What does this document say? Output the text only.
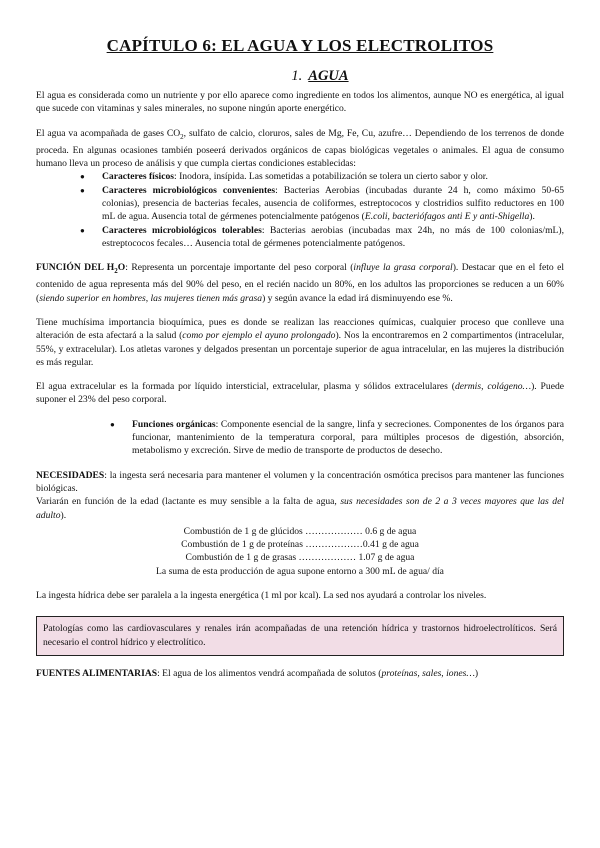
CAPÍTULO 6: EL AGUA Y LOS ELECTROLITOS
1. AGUA

El agua es considerada como un nutriente y por ello aparece como ingrediente en todos los alimentos, aunque NO es energética, al igual que sucede con vitaminas y sales minerales, no supone ningún aporte energético.

El agua va acompañada de gases $CO_2$, sulfato de calcio, cloruros, sales de Mg, Fe, Cu, azufre… Dependiendo de los terrenos de donde proceda. En algunas ocasiones también poseerá derivados orgánicos de capas biológicas vegetales o animales. El agua de consumo humano lleva un proceso de análisis y que cumpla ciertas condiciones establecidas:

● Caracteres físicos: Inodora, insípida. Las sometidas a potabilización se tolera un cierto sabor y olor.
● Caracteres microbiológicos convenientes: Bacterias Aerobias (incubadas durante 24 h, como máximo 50-65 colonias), presencia de bacterias fecales, ausencia de coliformes, estreptococos y clostridios sulfito reductores en 100 mL de agua. Ausencia total de gérmenes potencialmente patógenos (E.coli, bacteriófagos anti E y anti-Shigella).
● Caracteres microbiológicos tolerables: Bacterias aerobias (incubadas max 24h, no más de 100 colonias/mL), estreptococos fecales… Ausencia total de gérmenes potencialmente patógenos.

FUNCIÓN DEL $H_2O$: Representa un porcentaje importante del peso corporal (influye la grasa corporal). Destacar que en el feto el contenido de agua representa más del 90% del peso, en el recién nacido un 80%, en los adultos las proporciones se reducen a un 60% (siendo superior en hombres, las mujeres tienen más grasa) y según avance la edad irá disminuyendo ese %.

Tiene muchísima importancia bioquímica, pues es donde se realizan las reacciones químicas, cualquier proceso que conlleve una alteración de esta afectará a la salud (como por ejemplo el ayuno prolongado). Nos la encontraremos en 2 compartimentos (intracelular, 55%, y extracelular). Los atletas varones y delgados presentan un porcentaje superior de agua intracelular, en las mujeres la distribución es más regular.

El agua extracelular es la formada por líquido intersticial, extracelular, plasma y sólidos extracelulares (dermis, colágeno…). Puede suponer el 23% del peso corporal.

● Funciones orgánicas: Componente esencial de la sangre, linfa y secreciones. Componentes de los órganos para funcionar, mantenimiento de la temperatura corporal, para múltiples procesos de digestión, absorción, metabolismo y excreción. Sirve de medio de transporte de productos de desecho.

NECESIDADES: la ingesta será necesaria para mantener el volumen y la concentración osmótica precisos para mantener las funciones biológicas.
Variarán en función de la edad (lactante es muy sensible a la falta de agua, sus necesidades son de 2 a 3 veces mayores que las del adulto).

Combustión de 1 g de glúcidos ……………… 0.6 g de agua
Combustión de 1 g de proteínas ………………0.41 g de agua
Combustión de 1 g de grasas ……………… 1.07 g de agua
La suma de esta producción de agua supone entorno a 300 mL de agua/ día

La ingesta hídrica debe ser paralela a la ingesta energética (1 ml por kcal). La sed nos ayudará a controlar los niveles.

Patologías como las cardiovasculares y renales irán acompañadas de una retención hídrica y trastornos hidroelectrolíticos. Será necesario el control hídrico y electrolítico.

FUENTES ALIMENTARIAS: El agua de los alimentos vendrá acompañada de solutos (proteínas, sales, iones…)
